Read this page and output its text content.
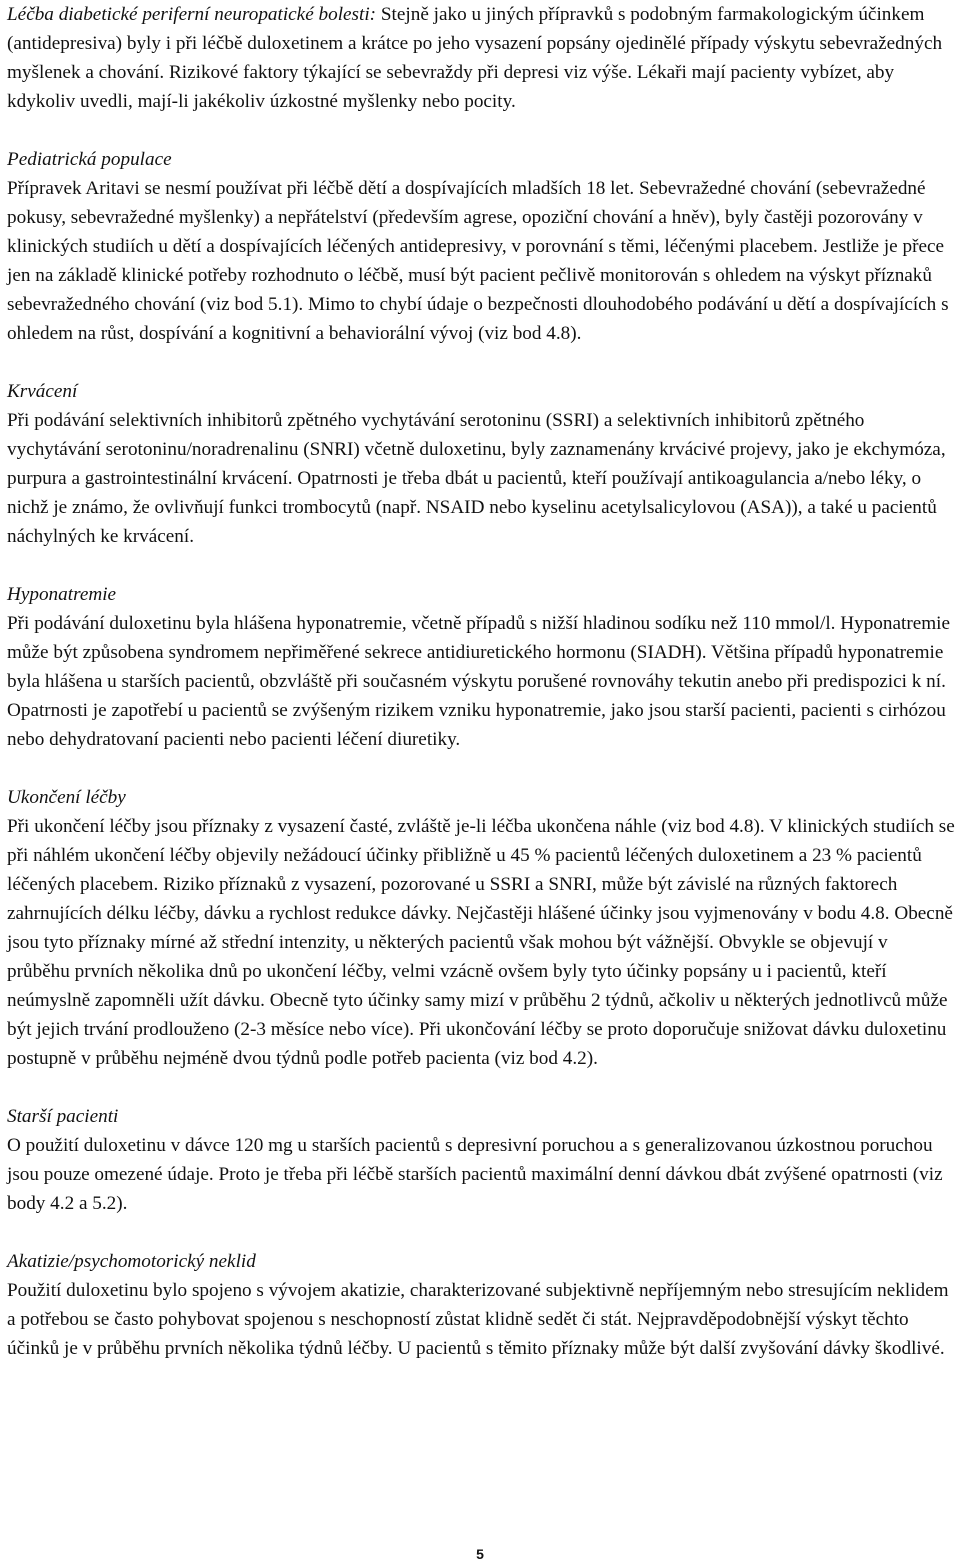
Léčba diabetické periferní neuropatické bolesti: Stejně jako u jiných přípravků s podobným farmakologickým účinkem (antidepresiva) byly i při léčbě duloxetinem a krátce po jeho vysazení popsány ojedinělé případy výskytu sebevražedných myšlenek a chování. Rizikové faktory týkající se sebevraždy při depresi viz výše. Lékaři mají pacienty vybízet, aby kdykoliv uvedli, mají-li jakékoliv úzkostné myšlenky nebo pocity.

Pediatrická populace

Přípravek Aritavi se nesmí používat při léčbě dětí a dospívajících mladších 18 let. Sebevražedné chování (sebevražedné pokusy, sebevražedné myšlenky) a nepřátelství (především agrese, opoziční chování a hněv), byly častěji pozorovány v klinických studiích u dětí a dospívajících léčených antidepresivy, v porovnání s těmi, léčenými placebem. Jestliže je přece jen na základě klinické potřeby rozhodnuto o léčbě, musí být pacient pečlivě monitorován s ohledem na výskyt příznaků sebevražedného chování (viz bod 5.1). Mimo to chybí údaje o bezpečnosti dlouhodobého podávání u dětí a dospívajících s ohledem na růst, dospívání a kognitivní a behaviorální vývoj (viz bod 4.8).

Krvácení

Při podávání selektivních inhibitorů zpětného vychytávání serotoninu (SSRI) a selektivních inhibitorů zpětného vychytávání serotoninu/noradrenalinu (SNRI) včetně duloxetinu, byly zaznamenány krvácivé projevy, jako je ekchymóza, purpura a gastrointestinální krvácení. Opatrnosti je třeba dbát u pacientů, kteří používají antikoagulancia a/nebo léky, o nichž je známo, že ovlivňují funkci trombocytů (např. NSAID nebo kyselinu acetylsalicylovou (ASA)), a také u pacientů náchylných ke krvácení.

Hyponatremie

Při podávání duloxetinu byla hlášena hyponatremie, včetně případů s nižší hladinou sodíku než 110 mmol/l. Hyponatremie může být způsobena syndromem nepřiměřené sekrece antidiuretického hormonu (SIADH). Většina případů hyponatremie byla hlášena u starších pacientů, obzvláště při současném výskytu porušené rovnováhy tekutin anebo při predispozici k ní. Opatrnosti je zapotřebí u pacientů se zvýšeným rizikem vzniku hyponatremie, jako jsou starší pacienti, pacienti s cirhózou nebo dehydratovaní pacienti nebo pacienti léčení diuretiky.

Ukončení léčby

Při ukončení léčby jsou příznaky z vysazení časté, zvláště je-li léčba ukončena náhle (viz bod 4.8). V klinických studiích se při náhlém ukončení léčby objevily nežádoucí účinky přibližně u 45 % pacientů léčených duloxetinem a 23 % pacientů léčených placebem. Riziko příznaků z vysazení, pozorované u SSRI a SNRI, může být závislé na různých faktorech zahrnujících délku léčby, dávku a rychlost redukce dávky. Nejčastěji hlášené účinky jsou vyjmenovány v bodu 4.8. Obecně jsou tyto příznaky mírné až střední intenzity, u některých pacientů však mohou být vážnější. Obvykle se objevují v průběhu prvních několika dnů po ukončení léčby, velmi vzácně ovšem byly tyto účinky popsány u i pacientů, kteří neúmyslně zapomněli užít dávku. Obecně tyto účinky samy mizí v průběhu 2 týdnů, ačkoliv u některých jednotlivců může být jejich trvání prodlouženo (2-3 měsíce nebo více). Při ukončování léčby se proto doporučuje snižovat dávku duloxetinu postupně v průběhu nejméně dvou týdnů podle potřeb pacienta (viz bod 4.2).

Starší pacienti

O použití duloxetinu v dávce 120 mg u starších pacientů s depresivní poruchou a s generalizovanou úzkostnou poruchou jsou pouze omezené údaje. Proto je třeba při léčbě starších pacientů maximální denní dávkou dbát zvýšené opatrnosti (viz body 4.2 a 5.2).

Akatizie/psychomotorický neklid

Použití duloxetinu bylo spojeno s vývojem akatizie, charakterizované subjektivně nepříjemným nebo stresujícím neklidem a potřebou se často pohybovat spojenou s neschopností zůstat klidně sedět či stát. Nejpravděpodobnější výskyt těchto účinků je v průběhu prvních několika týdnů léčby. U pacientů s těmito příznaky může být další zvyšování dávky škodlivé.

5
